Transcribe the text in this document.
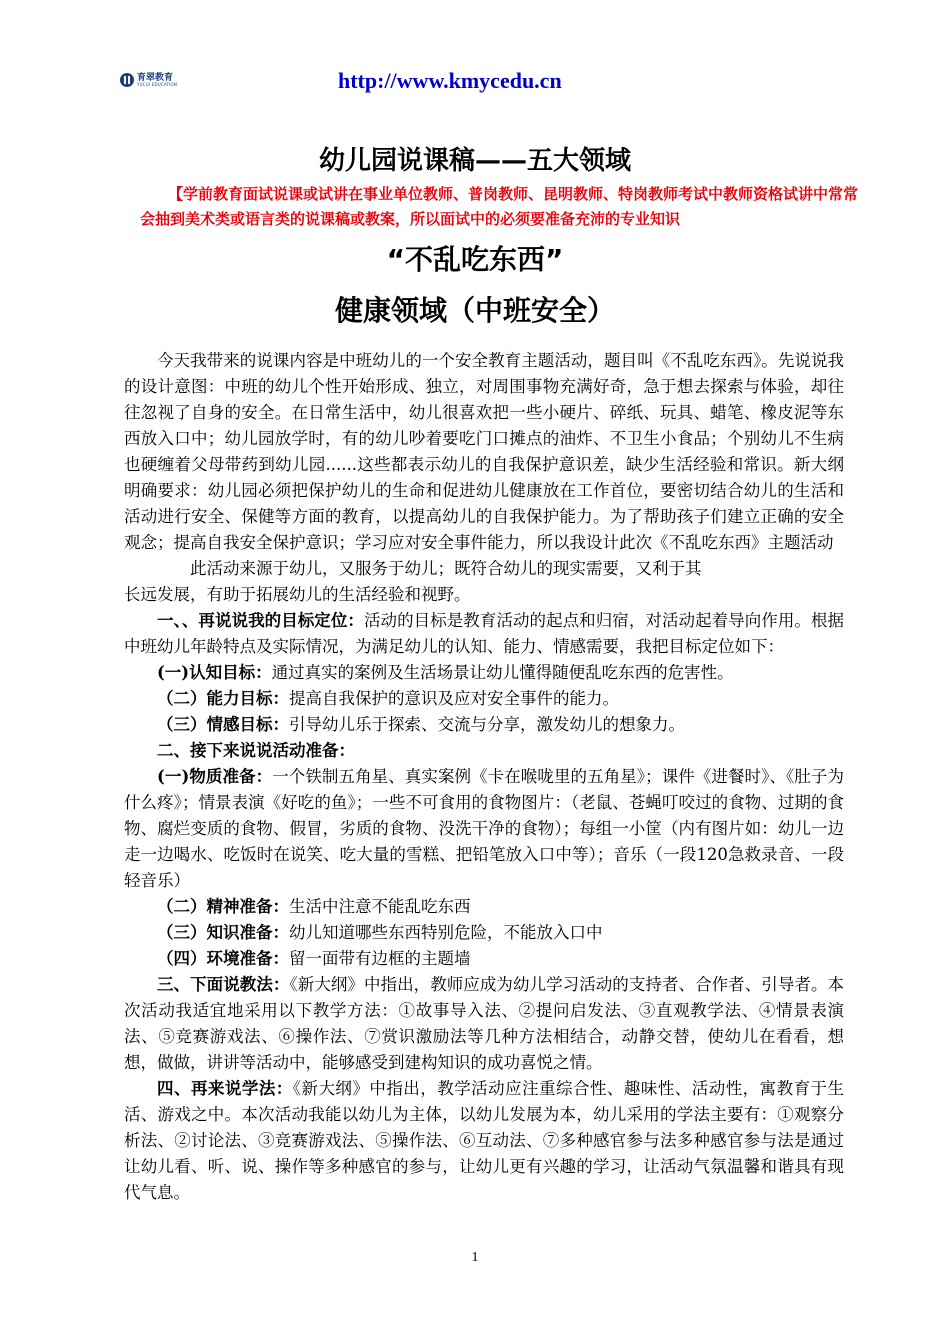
育翠教育
YUCUI EDUCATION	http://www.kmycedu.cn
幼儿园说课稿——五大领域
【学前教育面试说课或试讲在事业单位教师、普岗教师、昆明教师、特岗教师考试中教师资格试讲中常常会抽到美术类或语言类的说课稿或教案，所以面试中的必须要准备充沛的专业知识
“不乱吃东西”
健康领域（中班安全）

今天我带来的说课内容是中班幼儿的一个安全教育主题活动，题目叫《不乱吃东西》。先说说我的设计意图：中班的幼儿个性开始形成、独立，对周围事物充满好奇，急于想去探索与体验，却往往忽视了自身的安全。在日常生活中，幼儿很喜欢把一些小硬片、碎纸、玩具、蜡笔、橡皮泥等东西放入口中；幼儿园放学时，有的幼儿吵着要吃门口摊点的油炸、不卫生小食品；个别幼儿不生病也硬缠着父母带药到幼儿园......这些都表示幼儿的自我保护意识差，缺少生活经验和常识。新大纲明确要求：幼儿园必须把保护幼儿的生命和促进幼儿健康放在工作首位，要密切结合幼儿的生活和活动进行安全、保健等方面的教育，以提高幼儿的自我保护能力。为了帮助孩子们建立正确的安全观念；提高自我安全保护意识；学习应对安全事件能力，所以我设计此次《不乱吃东西》主题活动

此活动来源于幼儿，又服务于幼儿；既符合幼儿的现实需要，又利于其

长远发展，有助于拓展幼儿的生活经验和视野。

一、、再说说我的目标定位：活动的目标是教育活动的起点和归宿，对活动起着导向作用。根据中班幼儿年龄特点及实际情况，为满足幼儿的认知、能力、情感需要，我把目标定位如下：

(一)认知目标：通过真实的案例及生活场景让幼儿懂得随便乱吃东西的危害性。

（二）能力目标：提高自我保护的意识及应对安全事件的能力。

（三）情感目标：引导幼儿乐于探索、交流与分享，激发幼儿的想象力。

二、接下来说说活动准备：

(一)物质准备：一个铁制五角星、真实案例《卡在喉咙里的五角星》；课件《进餐时》、《肚子为什么疼》；情景表演《好吃的鱼》；一些不可食用的食物图片：（老鼠、苍蝇叮咬过的食物、过期的食物、腐烂变质的食物、假冒，劣质的食物、没洗干净的食物）；每组一小筐（内有图片如：幼儿一边走一边喝水、吃饭时在说笑、吃大量的雪糕、把铅笔放入口中等）；音乐（一段120急救录音、一段轻音乐）

（二）精神准备：生活中注意不能乱吃东西

（三）知识准备：幼儿知道哪些东西特别危险，不能放入口中

（四）环境准备：留一面带有边框的主题墙

三、下面说教法：《新大纲》中指出，教师应成为幼儿学习活动的支持者、合作者、引导者。本次活动我适宜地采用以下教学方法：①故事导入法、②提问启发法、③直观教学法、④情景表演法、⑤竞赛游戏法、⑥操作法、⑦赏识激励法等几种方法相结合，动静交替，使幼儿在看看，想想，做做，讲讲等活动中，能够感受到建构知识的成功喜悦之情。

四、再来说学法：《新大纲》中指出，教学活动应注重综合性、趣味性、活动性，寓教育于生活、游戏之中。本次活动我能以幼儿为主体，以幼儿发展为本，幼儿采用的学法主要有：①观察分析法、②讨论法、③竞赛游戏法、⑤操作法、⑥互动法、⑦多种感官参与法多种感官参与法是通过让幼儿看、听、说、操作等多种感官的参与，让幼儿更有兴趣的学习，让活动气氛温馨和谐具有现代气息。

1
